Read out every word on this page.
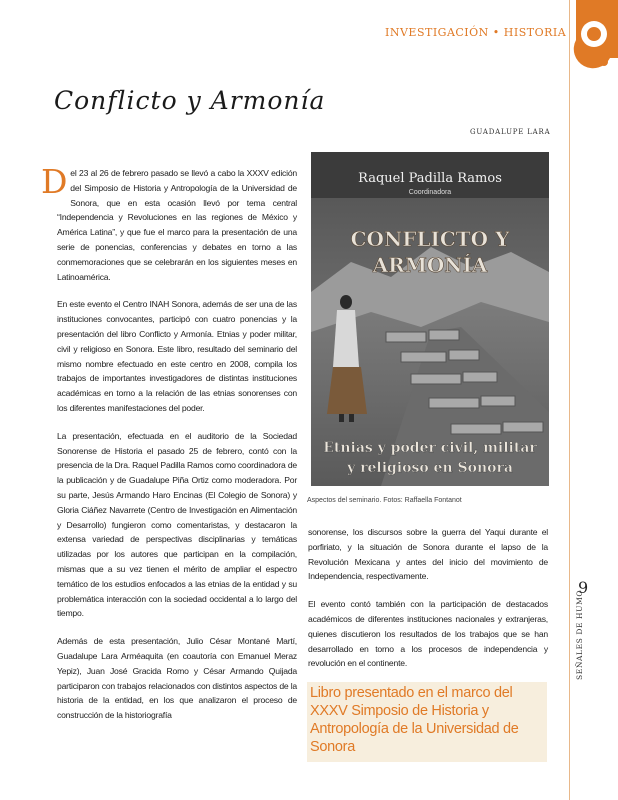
INVESTIGACIÓN • HISTORIA
Conflicto y Armonía
GUADALUPE LARA

Del 23 al 26 de febrero pasado se llevó a cabo la XXXV edición del Simposio de Historia y Antropología de la Universidad de Sonora, que en esta ocasión llevó por tema central “Independencia y Revoluciones en las regiones de México y América Latina”, y que fue el marco para la presentación de una serie de ponencias, conferencias y debates en torno a las conmemoraciones que se celebrarán en los siguientes meses en Latinoamérica.

En este evento el Centro INAH Sonora, además de ser una de las instituciones convocantes, participó con cuatro ponencias y la presentación del libro Conflicto y Armonía. Etnias y poder militar, civil y religioso en Sonora. Este libro, resultado del seminario del mismo nombre efectuado en este centro en 2008, compila los trabajos de importantes investigadores de distintas instituciones académicas en torno a la relación de las etnias sonorenses con los diferentes manifestaciones del poder.

La presentación, efectuada en el auditorio de la Sociedad Sonorense de Historia el pasado 25 de febrero, contó con la presencia de la Dra. Raquel Padilla Ramos como coordinadora de la publicación y de Guadalupe Piña Ortiz como moderadora. Por su parte, Jesús Armando Haro Encinas (El Colegio de Sonora) y Gloria Ciáñez Navarrete (Centro de Investigación en Alimentación y Desarrollo) fungieron como comentaristas, y destacaron la extensa variedad de perspectivas disciplinarias y temáticas utilizadas por los autores que participan en la compilación, mismas que a su vez tienen el mérito de ampliar el espectro temático de los estudios enfocados a las etnias de la entidad y su problemática interacción con la sociedad occidental a lo largo del tiempo.

Además de esta presentación, Julio César Montané Martí, Guadalupe Lara Arméaquita (en coautoría con Emanuel Meraz Yepiz), Juan José Gracida Romo y César Armando Quijada participaron con trabajos relacionados con distintos aspectos de la historia de la entidad, en los que analizaron el proceso de construcción de la historiografía

Raquel Padilla Ramos
Coordinadora
CONFLICTO Y
ARMONÍA
Etnias y poder civil, militar
y religioso en Sonora
Aspectos del seminario. Fotos: Raffaella Fontanot

sonorense, los discursos sobre la guerra del Yaqui durante el porfiriato, y la situación de Sonora durante el lapso de la Revolución Mexicana y antes del inicio del movimiento de Independencia, respectivamente.

El evento contó también con la participación de destacados académicos de diferentes instituciones nacionales y extranjeras, quienes discutieron los resultados de los trabajos que se han desarrollado en torno a los procesos de independencia y revolución en el continente.

Libro presentado en el marco del XXXV Simposio de Historia y Antropología de la Universidad de Sonora
9
SEÑALES DE HUMO
